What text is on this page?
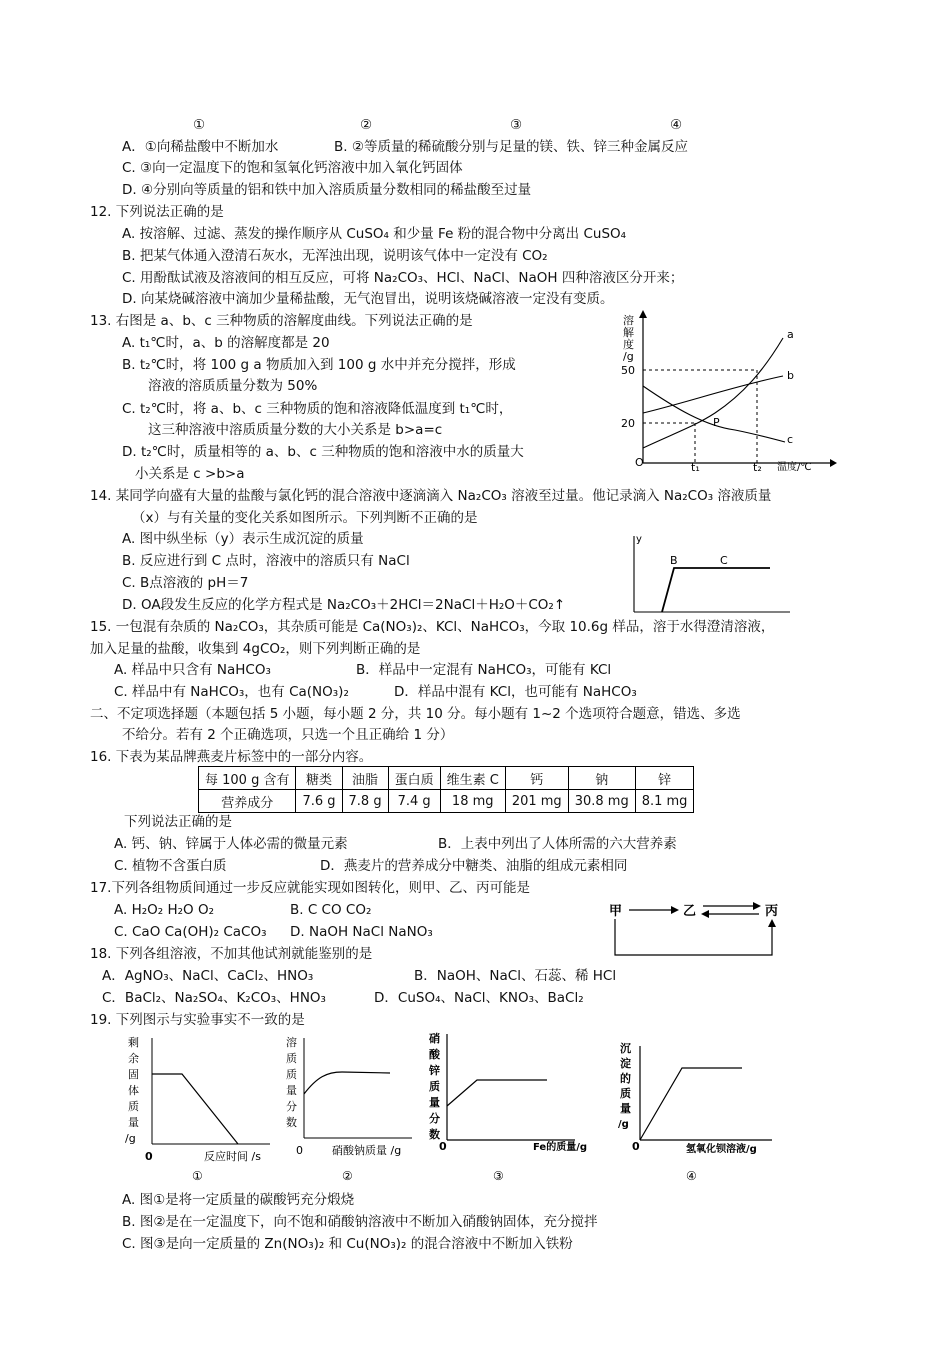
①	②	③	④
A．①向稀盐酸中不断加水	B. ②等质量的稀硫酸分别与足量的镁、铁、锌三种金属反应
C. ③向一定温度下的饱和氢氧化钙溶液中加入氧化钙固体
D. ④分别向等质量的铝和铁中加入溶质质量分数相同的稀盐酸至过量
12. 下列说法正确的是
A. 按溶解、过滤、蒸发的操作顺序从 CuSO₄ 和少量 Fe 粉的混合物中分离出 CuSO₄
B. 把某气体通入澄清石灰水，无浑浊出现，说明该气体中一定没有 CO₂
C. 用酚酞试液及溶液间的相互反应，可将 Na₂CO₃、HCl、NaCl、NaOH 四种溶液区分开来；
D. 向某烧碱溶液中滴加少量稀盐酸，无气泡冒出，说明该烧碱溶液一定没有变质。
13. 右图是 a、b、c 三种物质的溶解度曲线。下列说法正确的是
A. t₁℃时，a、b 的溶解度都是 20
B. t₂℃时，将 100 g a 物质加入到 100 g 水中并充分搅拌，形成
溶液的溶质质量分数为 50%
C. t₂℃时，将 a、b、c 三种物质的饱和溶液降低温度到 t₁℃时，
这三种溶液中溶质质量分数的大小关系是 b>a=c
D. t₂℃时，质量相等的 a、b、c 三种物质的饱和溶液中水的质量大
小关系是 c >b>a
溶
解
度
/g
50
20
O	t₁	t₂ 温度/℃
a
b
c
P
14. 某同学向盛有大量的盐酸与氯化钙的混合溶液中逐滴滴入 Na₂CO₃ 溶液至过量。他记录滴入 Na₂CO₃ 溶液质量
（x）与有关量的变化关系如图所示。下列判断不正确的是
A. 图中纵坐标（y）表示生成沉淀的质量
B. 反应进行到 C 点时，溶液中的溶质只有 NaCl
C. B点溶液的 pH＝7
D. OA段发生反应的化学方程式是 Na₂CO₃＋2HCl＝2NaCl＋H₂O＋CO₂↑
y
B	C
15. 一包混有杂质的 Na₂CO₃，其杂质可能是 Ca(NO₃)₂、KCl、NaHCO₃，今取 10.6g 样品，溶于水得澄清溶液，
加入足量的盐酸，收集到 4gCO₂，则下列判断正确的是
A. 样品中只含有 NaHCO₃	B．样品中一定混有 NaHCO₃，可能有 KCl
C. 样品中有 NaHCO₃，也有 Ca(NO₃)₂	D．样品中混有 KCl，也可能有 NaHCO₃
二、不定项选择题（本题包括 5 小题，每小题 2 分，共 10 分。每小题有 1~2 个选项符合题意，错选、多选
不给分。若有 2 个正确选项，只选一个且正确给 1 分）
16. 下表为某品牌燕麦片标签中的一部分内容。
每 100 g 含有	糖类	油脂	蛋白质	维生素 C	钙	钠	锌
营养成分	7.6 g	7.8 g	7.4 g	18 mg	201 mg	30.8 mg	8.1 mg
下列说法正确的是
A. 钙、钠、锌属于人体必需的微量元素	B．上表中列出了人体所需的六大营养素
C. 植物不含蛋白质	D．燕麦片的营养成分中糖类、油脂的组成元素相同
17.下列各组物质间通过一步反应就能实现如图转化，则甲、乙、丙可能是
A. H₂O₂ H₂O O₂	B. C CO CO₂
C. CaO Ca(OH)₂ CaCO₃ D. NaOH NaCl NaNO₃
甲	乙	丙
18. 下列各组溶液，不加其他试剂就能鉴别的是
A．AgNO₃、NaCl、CaCl₂、HNO₃	B．NaOH、NaCl、石蕊、稀 HCl
C．BaCl₂、Na₂SO₄、K₂CO₃、HNO₃	D．CuSO₄、NaCl、KNO₃、BaCl₂
19. 下列图示与实验事实不一致的是
剩
余
固
体
质
量
/g
0	反应时间 /s
①
溶
质
质
量
分
数
0	硝酸钠质量 /g
②
硝
酸
锌
质
量
分
数
0	Fe的质量/g
③
沉
淀
的
质
量
/g
0	氢氧化钡溶液/g
④
A. 图①是将一定质量的碳酸钙充分煅烧
B. 图②是在一定温度下，向不饱和硝酸钠溶液中不断加入硝酸钠固体，充分搅拌
C. 图③是向一定质量的 Zn(NO₃)₂ 和 Cu(NO₃)₂ 的混合溶液中不断加入铁粉
